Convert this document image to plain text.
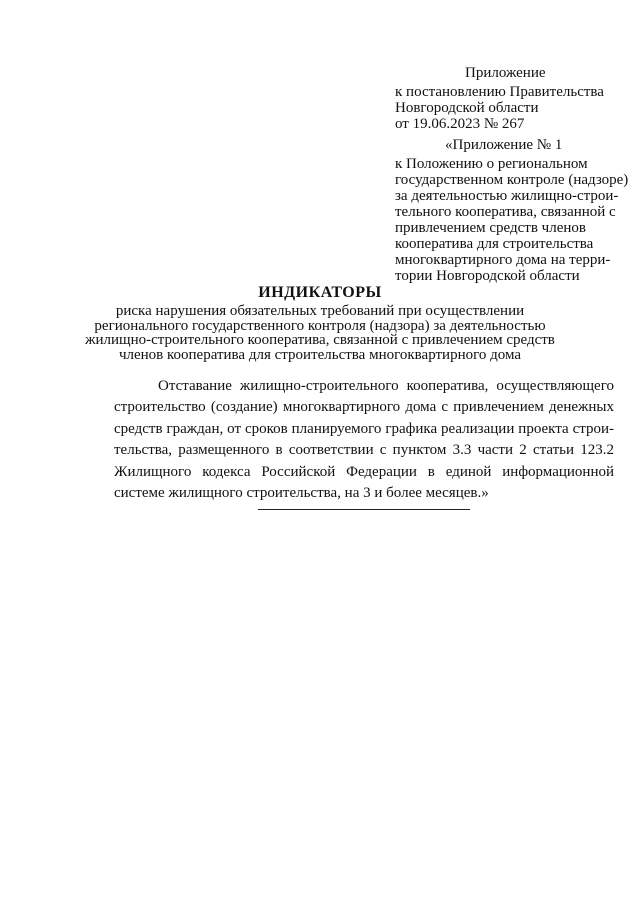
Приложение
к постановлению Правительства
Новгородской области
от 19.06.2023 № 267
«Приложение № 1
к Положению о региональном
государственном контроле (надзоре)
за деятельностью жилищно-строи-
тельного кооператива, связанной с
привлечением средств членов
кооператива для строительства
многоквартирного дома на терри-
тории Новгородской области
ИНДИКАТОРЫ
риска нарушения обязательных требований при осуществлении
регионального государственного контроля (надзора) за деятельностью
жилищно-строительного кооператива, связанной с привлечением средств
членов кооператива для строительства многоквартирного дома
Отставание жилищно-строительного кооператива, осуществляющего
строительство (создание) многоквартирного дома с привлечением денежных
средств граждан, от сроков планируемого графика реализации проекта строи-
тельства, размещенного в соответствии с пунктом 3.3 части 2 статьи 123.2
Жилищного кодекса Российской Федерации в единой информационной
системе жилищного строительства, на 3 и более месяцев.»
